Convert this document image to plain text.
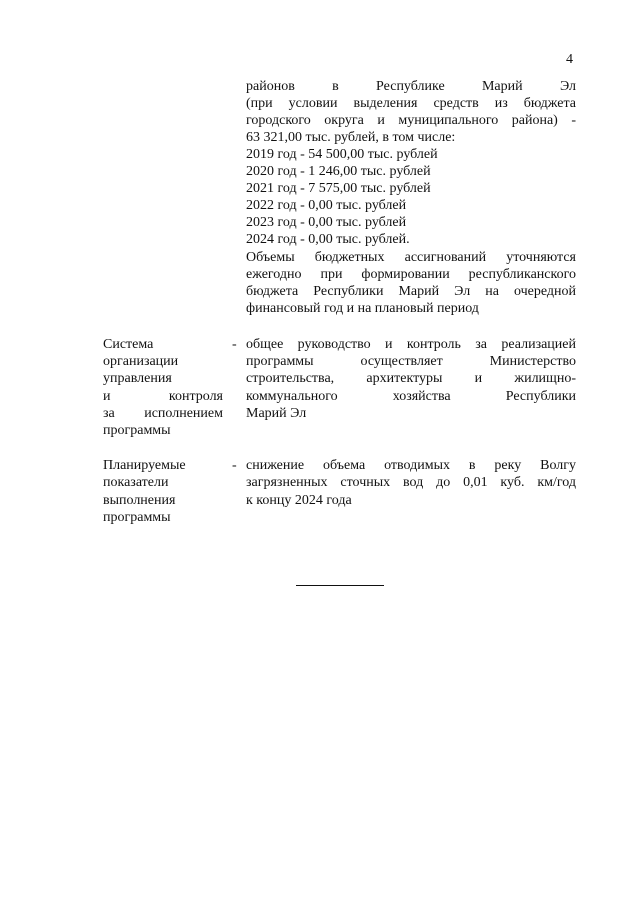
4
районов в Республике Марий Эл
(при условии выделения средств из бюджета
городского округа и муниципального района) -
63 321,00 тыс. рублей, в том числе:
2019 год - 54 500,00 тыс. рублей
2020 год - 1 246,00 тыс. рублей
2021 год - 7 575,00 тыс. рублей
2022 год - 0,00 тыс. рублей
2023 год - 0,00 тыс. рублей
2024 год - 0,00 тыс. рублей.
Объемы бюджетных ассигнований уточняются
ежегодно при формировании республиканского
бюджета Республики Марий Эл на очередной
финансовый год и на плановый период
Система
организации
управления
и контроля
за исполнением
программы
- общее руководство и контроль за реализацией
программы осуществляет Министерство
строительства, архитектуры и жилищно-
коммунального хозяйства Республики
Марий Эл
Планируемые
показатели
выполнения
программы
- снижение объема отводимых в реку Волгу
загрязненных сточных вод до 0,01 куб. км/год
к концу 2024 года
